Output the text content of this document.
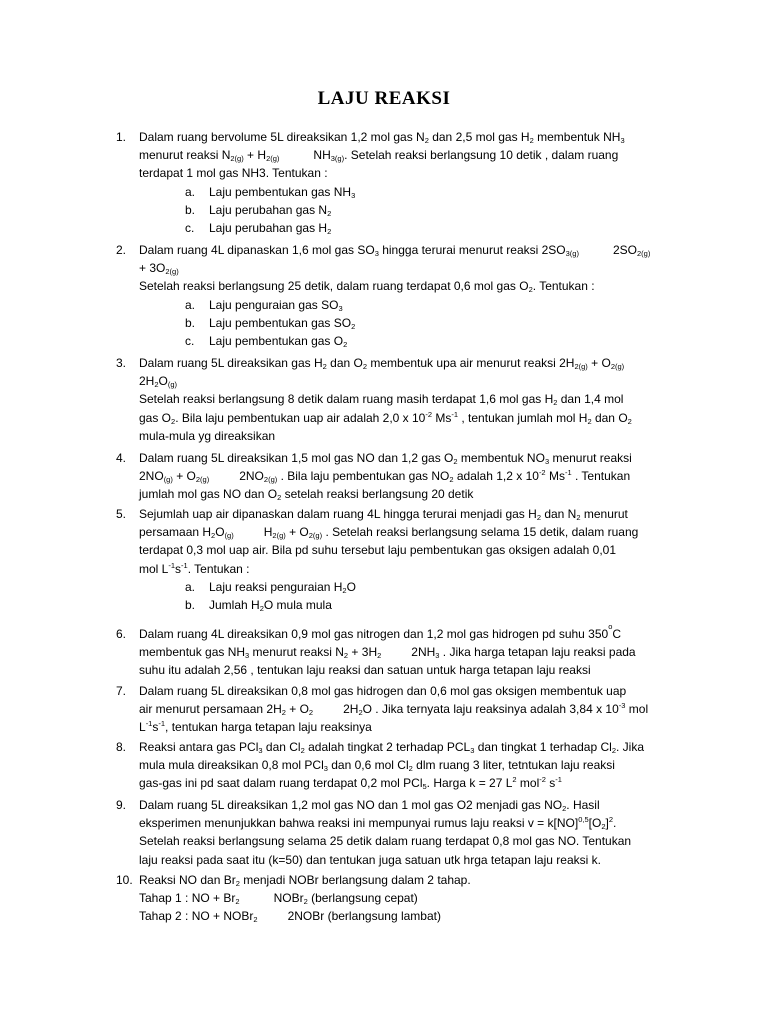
LAJU REAKSI
1. Dalam ruang bervolume 5L direaksikan 1,2 mol gas $N_2$ dan 2,5 mol gas $H_2$ membentuk $NH_3$
menurut reaksi $N_{2(g)} + H_{2(g)}$	$NH_{3(g)}$. Setelah reaksi berlangsung 10 detik , dalam ruang
terdapat 1 mol gas NH3. Tentukan :
a. Laju pembentukan gas $NH_3$
b. Laju perubahan gas $N_2$
c. Laju perubahan gas $H_2$
2. Dalam ruang 4L dipanaskan 1,6 mol gas $SO_3$ hingga terurai menurut reaksi $2SO_{3(g)}$	$2SO_{2(g)}$
+ $3O_{2(g)}$
Setelah reaksi berlangsung 25 detik, dalam ruang terdapat 0,6 mol gas $O_2$. Tentukan :
a. Laju penguraian gas $SO_3$
b. Laju pembentukan gas $SO_2$
c. Laju pembentukan gas $O_2$
3. Dalam ruang 5L direaksikan gas $H_2$ dan $O_2$ membentuk upa air menurut reaksi $2H_{2(g)} + O_{2(g)}$
$2H_2O_{(g)}$
Setelah reaksi berlangsung 8 detik dalam ruang masih terdapat 1,6 mol gas $H_2$ dan 1,4 mol
gas $O_2$. Bila laju pembentukan uap air adalah 2,0 x $10^{-2}$ $Ms^{-1}$ , tentukan jumlah mol $H_2$ dan $O_2$
mula-mula yg direaksikan
4. Dalam ruang 5L direaksikan 1,5 mol gas NO dan 1,2 gas $O_2$ membentuk $NO_3$ menurut reaksi
$2NO_{(g)} + O_{2(g)}$	$2NO_{2(g)}$ . Bila laju pembentukan gas $NO_2$ adalah 1,2 x $10^{-2}$ $Ms^{-1}$ . Tentukan
jumlah mol gas NO dan $O_2$ setelah reaksi berlangsung 20 detik
5. Sejumlah uap air dipanaskan dalam ruang 4L hingga terurai menjadi gas $H_2$ dan $N_2$ menurut
persamaan $H_2O_{(g)}$	$H_{2(g)} + O_{2(g)}$ . Setelah reaksi berlangsung selama 15 detik, dalam ruang
terdapat 0,3 mol uap air. Bila pd suhu tersebut laju pembentukan gas oksigen adalah 0,01
mol $L^{-1}s^{-1}$. Tentukan :
a. Laju reaksi penguraian $H_2O$
b. Jumlah $H_2O$ mula mula
6. Dalam ruang 4L direaksikan 0,9 mol gas nitrogen dan 1,2 mol gas hidrogen pd suhu 350$^o$C
membentuk gas $NH_3$ menurut reaksi $N_2 + 3H_2$	$2NH_3$ . Jika harga tetapan laju reaksi pada
suhu itu adalah 2,56 , tentukan laju reaksi dan satuan untuk harga tetapan laju reaksi
7. Dalam ruang 5L direaksikan 0,8 mol gas hidrogen dan 0,6 mol gas oksigen membentuk uap
air menurut persamaan $2H_2 + O_2$	$2H_2O$ . Jika ternyata laju reaksinya adalah 3,84 x $10^{-3}$ mol
$L^{-1}s^{-1}$, tentukan harga tetapan laju reaksinya
8. Reaksi antara gas PCl$_3$ dan $Cl_2$ adalah tingkat 2 terhadap $PCL_3$ dan tingkat 1 terhadap $Cl_2$. Jika
mula mula direaksikan 0,8 mol PCl$_3$ dan 0,6 mol $Cl_2$ dlm ruang 3 liter, tetntukan laju reaksi
gas-gas ini pd saat dalam ruang terdapat 0,2 mol PCl$_5$. Harga k = 27 $L^2$ mol$^{-2}$ $s^{-1}$
9. Dalam ruang 5L direaksikan 1,2 mol gas NO dan 1 mol gas O2 menjadi gas $NO_2$. Hasil
eksperimen menunjukkan bahwa reaksi ini mempunyai rumus laju reaksi $v = k[NO]^{0,5}[O_2]^2$.
Setelah reaksi berlangsung selama 25 detik dalam ruang terdapat 0,8 mol gas NO. Tentukan
laju reaksi pada saat itu (k=50) dan tentukan juga satuan utk hrga tetapan laju reaksi k.
10. Reaksi NO dan $Br_2$ menjadi NOBr berlangsung dalam 2 tahap.
Tahap 1 : NO + $Br_2$	NOBr$_2$ (berlangsung cepat)
Tahap 2 : NO + NOBr$_2$	2NOBr (berlangsung lambat)
